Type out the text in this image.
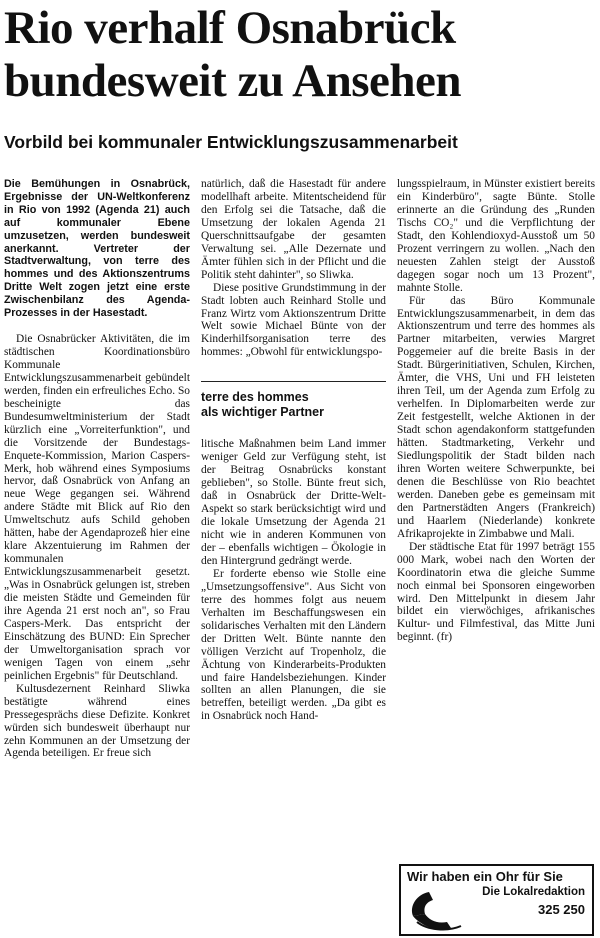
Rio verhalf Osnabrück
bundesweit zu Ansehen
Vorbild bei kommunaler Entwicklungszusammenarbeit

Die Bemühungen in Osnabrück, Ergebnisse der UN-Weltkonferenz in Rio von 1992 (Agenda 21) auch auf kommunaler Ebene umzusetzen, werden bundesweit anerkannt. Vertreter der Stadtverwaltung, von terre des hommes und des Aktionszentrums Dritte Welt zogen jetzt eine erste Zwischenbilanz des Agenda-Prozesses in der Hasestadt.

Die Osnabrücker Aktivitäten, die im städtischen Koordinationsbüro Kommunale Entwicklungszusammenarbeit gebündelt werden, finden ein erfreuliches Echo. So bescheinigte das Bundesumweltministerium der Stadt kürzlich eine „Vorreiterfunktion", und die Vorsitzende der Bundestags-Enquete-Kommission, Marion Caspers-Merk, hob während eines Symposiums hervor, daß Osnabrück von Anfang an neue Wege gegangen sei. Während andere Städte mit Blick auf Rio den Umweltschutz aufs Schild gehoben hätten, habe der Agendaprozeß hier eine klare Akzentuierung im Rahmen der kommunalen Entwicklungszusammenarbeit gesetzt. „Was in Osnabrück gelungen ist, streben die meisten Städte und Gemeinden für ihre Agenda 21 erst noch an", so Frau Caspers-Merk. Das entspricht der Einschätzung des BUND: Ein Sprecher der Umweltorganisation sprach vor wenigen Tagen von einem „sehr peinlichen Ergebnis" für Deutschland.

Kultusdezernent Reinhard Sliwka bestätigte während eines Pressegesprächs diese Defizite. Konkret würden sich bundesweit überhaupt nur zehn Kommunen an der Umsetzung der Agenda beteiligen. Er freue sich

natürlich, daß die Hasestadt für andere modellhaft arbeite. Mitentscheidend für den Erfolg sei die Tatsache, daß die Umsetzung der lokalen Agenda 21 Querschnittsaufgabe der gesamten Verwaltung sei. „Alle Dezernate und Ämter fühlen sich in der Pflicht und die Politik steht dahinter", so Sliwka.

Diese positive Grundstimmung in der Stadt lobten auch Reinhard Stolle und Franz Wirtz vom Aktionszentrum Dritte Welt sowie Michael Bünte von der Kinderhilfsorganisation terre des hommes: „Obwohl für entwicklungspo-

terre des hommes
als wichtiger Partner

litische Maßnahmen beim Land immer weniger Geld zur Verfügung steht, ist der Beitrag Osnabrücks konstant geblieben", so Stolle. Bünte freut sich, daß in Osnabrück der Dritte-Welt-Aspekt so stark berücksichtigt wird und die lokale Umsetzung der Agenda 21 nicht wie in anderen Kommunen von der – ebenfalls wichtigen – Ökologie in den Hintergrund gedrängt werde.

Er forderte ebenso wie Stolle eine „Umsetzungsoffensive". Aus Sicht von terre des hommes folgt aus neuem Verhalten im Beschaffungswesen ein solidarisches Verhalten mit den Ländern der Dritten Welt. Bünte nannte den völligen Verzicht auf Tropenholz, die Ächtung von Kinderarbeits-Produkten und faire Handelsbeziehungen. Kinder sollten an allen Planungen, die sie betreffen, beteiligt werden. „Da gibt es in Osnabrück noch Hand-

lungsspielraum, in Münster existiert bereits ein Kinderbüro", sagte Bünte. Stolle erinnerte an die Gründung des „Runden Tischs CO₂" und die Verpflichtung der Stadt, den Kohlendioxyd-Ausstoß um 50 Prozent verringern zu wollen. „Nach den neuesten Zahlen steigt der Ausstoß dagegen sogar noch um 13 Prozent", mahnte Stolle.

Für das Büro Kommunale Entwicklungszusammenarbeit, in dem das Aktionszentrum und terre des hommes als Partner mitarbeiten, verwies Margret Poggemeier auf die breite Basis in der Stadt. Bürgerinitiativen, Schulen, Kirchen, Ämter, die VHS, Uni und FH leisteten ihren Teil, um der Agenda zum Erfolg zu verhelfen. In Diplomarbeiten werde zur Zeit festgestellt, welche Aktionen in der Stadt schon agendakonform stattgefunden hätten. Stadtmarketing, Verkehr und Siedlungspolitik der Stadt bilden nach ihren Worten weitere Schwerpunkte, bei denen die Beschlüsse von Rio beachtet werden. Daneben gebe es gemeinsam mit den Partnerstädten Angers (Frankreich) und Haarlem (Niederlande) konkrete Afrikaprojekte in Zimbabwe und Mali.

Der städtische Etat für 1997 beträgt 155 000 Mark, wobei nach den Worten der Koordinatorin etwa die gleiche Summe noch einmal bei Sponsoren eingeworben wird. Den Mittelpunkt in diesem Jahr bildet ein vierwöchiges, afrikanisches Kultur- und Filmfestival, das Mitte Juni beginnt. (fr)

Wir haben ein Ohr für Sie
Die Lokalredaktion
325 250
